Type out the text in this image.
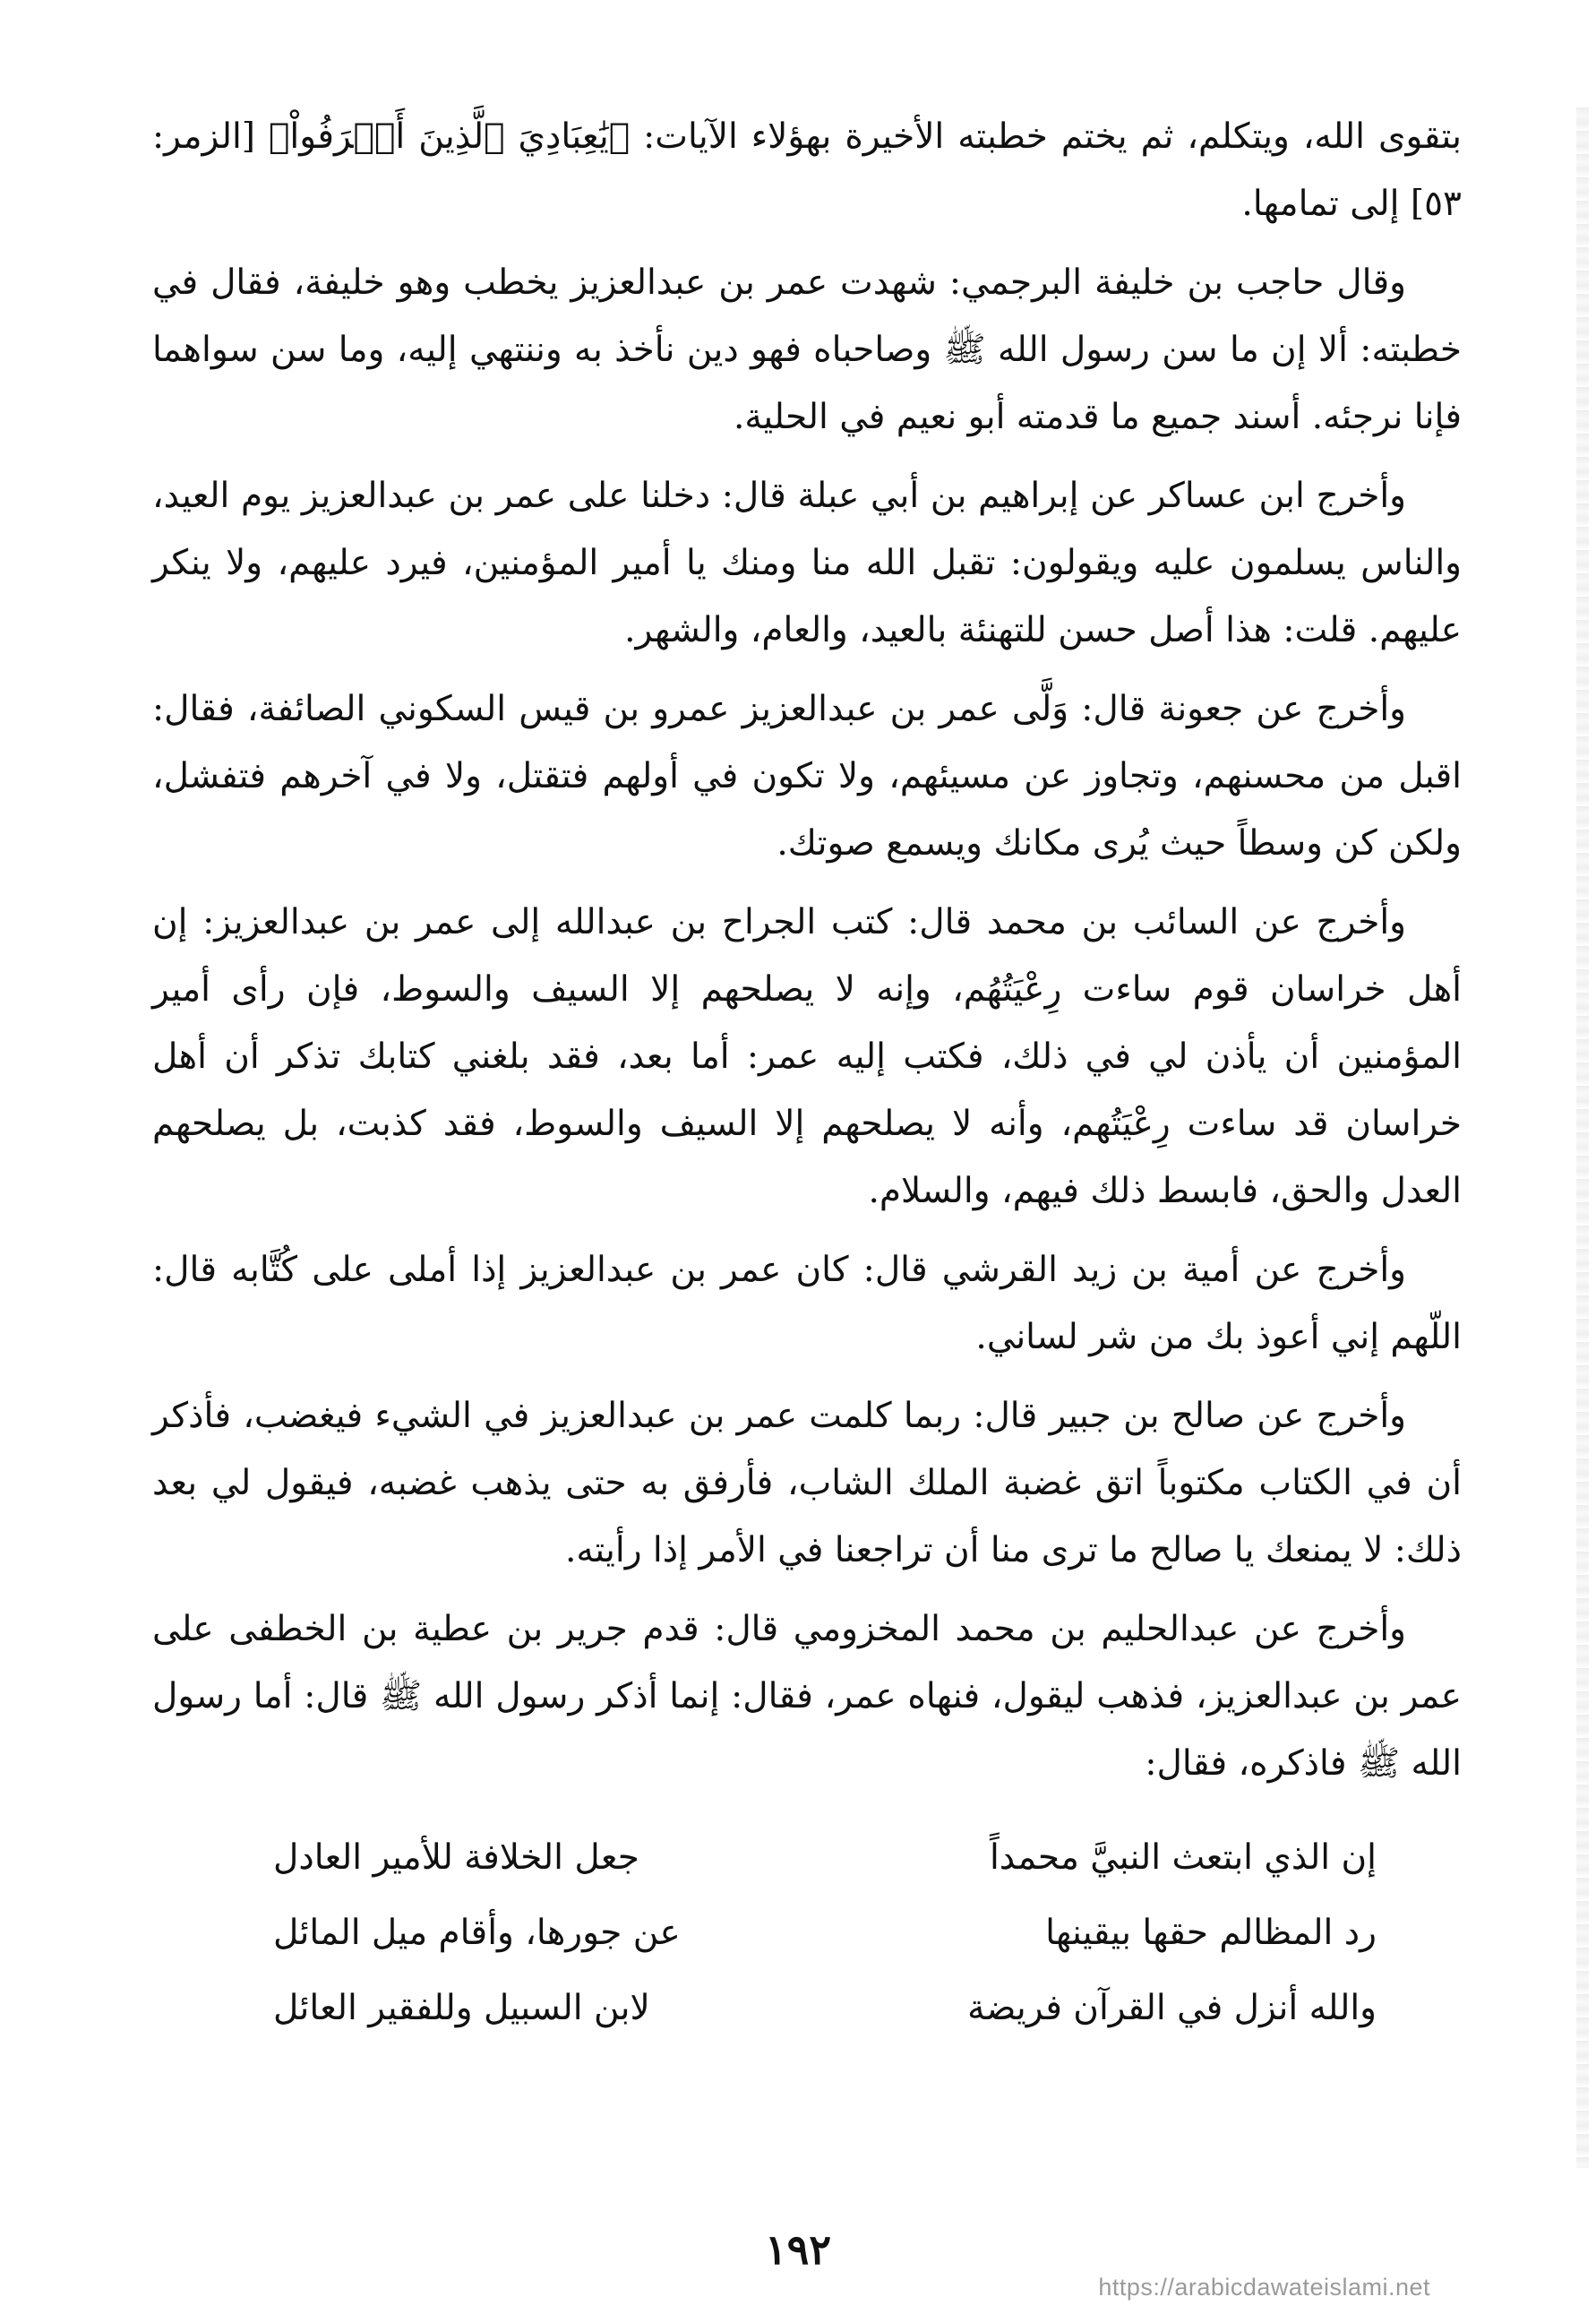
بتقوى الله، ويتكلم، ثم يختم خطبته الأخيرة بهؤلاء الآيات: ﴿يَٰعِبَادِيَ ٱلَّذِينَ أَسۡرَفُواْ﴾ [الزمر: ٥٣] إلى تمامها.

وقال حاجب بن خليفة البرجمي: شهدت عمر بن عبدالعزيز يخطب وهو خليفة، فقال في خطبته: ألا إن ما سن رسول الله ﷺ وصاحباه فهو دين نأخذ به وننتهي إليه، وما سن سواهما فإنا نرجئه. أسند جميع ما قدمته أبو نعيم في الحلية.

وأخرج ابن عساكر عن إبراهيم بن أبي عبلة قال: دخلنا على عمر بن عبدالعزيز يوم العيد، والناس يسلمون عليه ويقولون: تقبل الله منا ومنك يا أمير المؤمنين، فيرد عليهم، ولا ينكر عليهم. قلت: هذا أصل حسن للتهنئة بالعيد، والعام، والشهر.

وأخرج عن جعونة قال: وَلَّى عمر بن عبدالعزيز عمرو بن قيس السكوني الصائفة، فقال: اقبل من محسنهم، وتجاوز عن مسيئهم، ولا تكون في أولهم فتقتل، ولا في آخرهم فتفشل، ولكن كن وسطاً حيث يُرى مكانك ويسمع صوتك.

وأخرج عن السائب بن محمد قال: كتب الجراح بن عبدالله إلى عمر بن عبدالعزيز: إن أهل خراسان قوم ساءت رِعْيَتُهُم، وإنه لا يصلحهم إلا السيف والسوط، فإن رأى أمير المؤمنين أن يأذن لي في ذلك، فكتب إليه عمر: أما بعد، فقد بلغني كتابك تذكر أن أهل خراسان قد ساءت رِعْيَتُهم، وأنه لا يصلحهم إلا السيف والسوط، فقد كذبت، بل يصلحهم العدل والحق، فابسط ذلك فيهم، والسلام.

وأخرج عن أمية بن زيد القرشي قال: كان عمر بن عبدالعزيز إذا أملى على كُتَّابه قال: اللّهم إني أعوذ بك من شر لساني.

وأخرج عن صالح بن جبير قال: ربما كلمت عمر بن عبدالعزيز في الشيء فيغضب، فأذكر أن في الكتاب مكتوباً اتق غضبة الملك الشاب، فأرفق به حتى يذهب غضبه، فيقول لي بعد ذلك: لا يمنعك يا صالح ما ترى منا أن تراجعنا في الأمر إذا رأيته.

وأخرج عن عبدالحليم بن محمد المخزومي قال: قدم جرير بن عطية بن الخطفى على عمر بن عبدالعزيز، فذهب ليقول، فنهاه عمر، فقال: إنما أذكر رسول الله ﷺ قال: أما رسول الله ﷺ فاذكره، فقال:

إن الذي ابتعث النبيَّ محمداً
جعل الخلافة للأمير العادل
رد المظالم حقها بيقينها
عن جورها، وأقام ميل المائل
والله أنزل في القرآن فريضة
لابن السبيل وللفقير العائل
١٩٢
https://arabicdawateislami.net
